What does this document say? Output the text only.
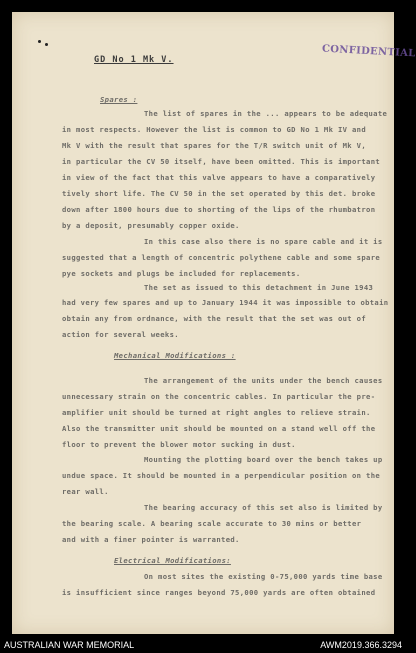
CONFIDENTIAL
GD No 1 Mk V.
Spares :
The list of spares in the ... appears to be adequate
in most respects. However the list is common to GD No 1 Mk IV and
Mk V with the result that spares for the T/R switch unit of Mk V,
in particular the CV 50 itself, have been omitted. This is important
in view of the fact that this valve appears to have a comparatively
tively short life. The CV 50 in the set operated by this det. broke
down after 1800 hours due to shorting of the lips of the rhumbatron
by a deposit, presumably copper oxide.
In this case also there is no spare cable and it is
suggested that a length of concentric polythene cable and some spare
pye sockets and plugs be included for replacements.
The set as issued to this detachment in June 1943
had very few spares and up to January 1944 it was impossible to obtain
obtain any from ordnance, with the result that the set was out of
action for several weeks.
Mechanical Modifications :
The arrangement of the units under the bench causes
unnecessary strain on the concentric cables. In particular the pre-
amplifier unit should be turned at right angles to relieve strain.
Also the transmitter unit should be mounted on a stand well off the
floor to prevent the blower motor sucking in dust.
Mounting the plotting board over the bench takes up
undue space. It should be mounted in a perpendicular position on the
rear wall.
The bearing accuracy of this set also is limited by
the bearing scale. A bearing scale accurate to 30 mins or better
and with a finer pointer is warranted.
Electrical Modifications:
On most sites the existing 0-75,000 yards time base
is insufficient since ranges beyond 75,000 yards are often obtained
AUSTRALIAN WAR MEMORIAL	AWM2019.366.3294
